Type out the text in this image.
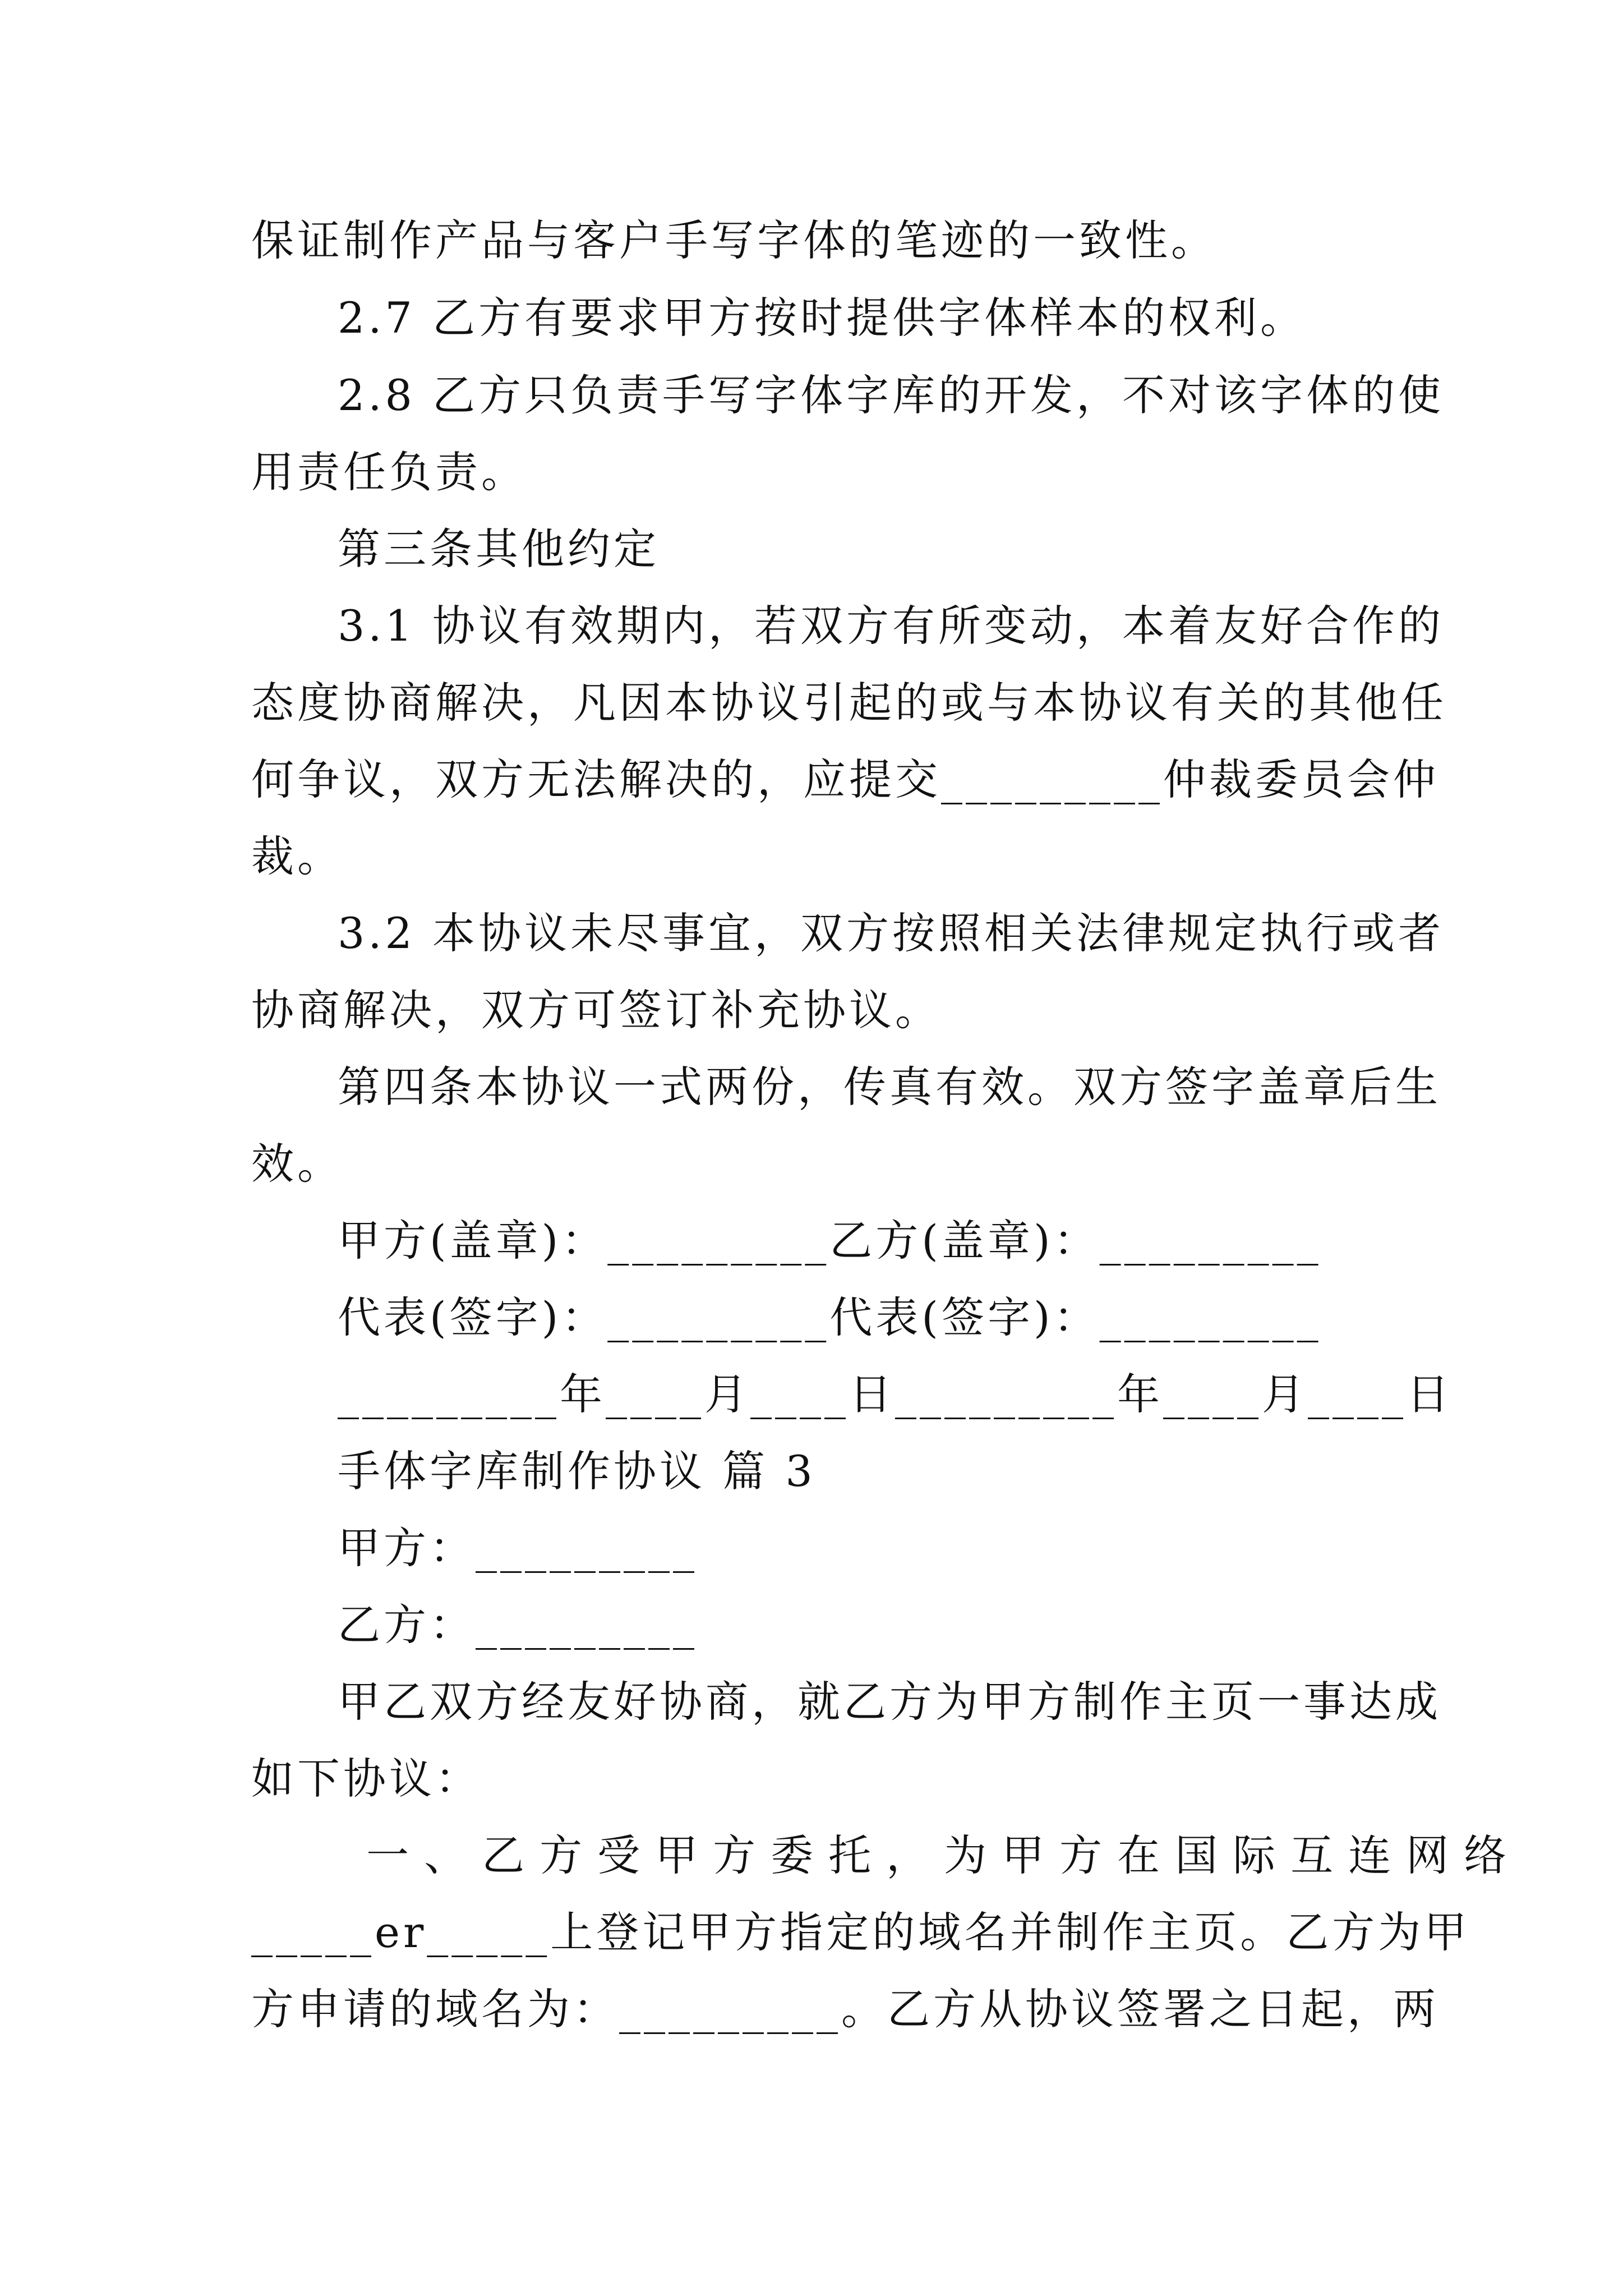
保证制作产品与客户手写字体的笔迹的一致性。
2.7 乙方有要求甲方按时提供字体样本的权利。
2.8 乙方只负责手写字体字库的开发，不对该字体的使
用责任负责。
第三条其他约定
3.1 协议有效期内，若双方有所变动，本着友好合作的
态度协商解决，凡因本协议引起的或与本协议有关的其他任
何争议，双方无法解决的，应提交_________仲裁委员会仲
裁。
3.2 本协议未尽事宜，双方按照相关法律规定执行或者
协商解决，双方可签订补充协议。
第四条本协议一式两份，传真有效。双方签字盖章后生
效。
甲方(盖章)：_________乙方(盖章)：_________
代表(签字)：_________代表(签字)：_________
_________年____月____日_________年____月____日
手体字库制作协议 篇 3
甲方：_________
乙方：_________
甲乙双方经友好协商，就乙方为甲方制作主页一事达成
如下协议：
一、乙方受甲方委托，为甲方在国际互连网络
_____er_____上登记甲方指定的域名并制作主页。乙方为甲
方申请的域名为：_________。乙方从协议签署之日起，两
